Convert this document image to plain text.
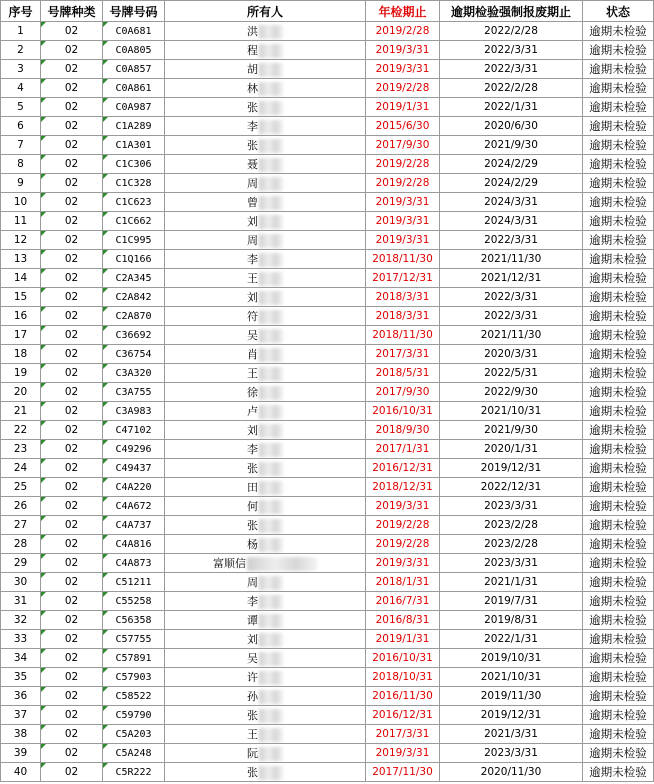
序号	号牌种类	号牌号码	所有人	年检期止	逾期检验强制报废期止	状态
1	02	C0A681	洪	2019/2/28	2022/2/28	逾期未检验
2	02	C0A805	程	2019/3/31	2022/3/31	逾期未检验
3	02	C0A857	胡	2019/3/31	2022/3/31	逾期未检验
4	02	C0A861	林	2019/2/28	2022/2/28	逾期未检验
5	02	C0A987	张	2019/1/31	2022/1/31	逾期未检验
6	02	C1A289	李	2015/6/30	2020/6/30	逾期未检验
7	02	C1A301	张	2017/9/30	2021/9/30	逾期未检验
8	02	C1C306	聂	2019/2/28	2024/2/29	逾期未检验
9	02	C1C328	周	2019/2/28	2024/2/29	逾期未检验
10	02	C1C623	曾	2019/3/31	2024/3/31	逾期未检验
11	02	C1C662	刘	2019/3/31	2024/3/31	逾期未检验
12	02	C1C995	周	2019/3/31	2022/3/31	逾期未检验
13	02	C1Q166	李	2018/11/30	2021/11/30	逾期未检验
14	02	C2A345	王	2017/12/31	2021/12/31	逾期未检验
15	02	C2A842	刘	2018/3/31	2022/3/31	逾期未检验
16	02	C2A870	符	2018/3/31	2022/3/31	逾期未检验
17	02	C36692	吴	2018/11/30	2021/11/30	逾期未检验
18	02	C36754	肖	2017/3/31	2020/3/31	逾期未检验
19	02	C3A320	王	2018/5/31	2022/5/31	逾期未检验
20	02	C3A755	徐	2017/9/30	2022/9/30	逾期未检验
21	02	C3A983	卢	2016/10/31	2021/10/31	逾期未检验
22	02	C47102	刘	2018/9/30	2021/9/30	逾期未检验
23	02	C49296	李	2017/1/31	2020/1/31	逾期未检验
24	02	C49437	张	2016/12/31	2019/12/31	逾期未检验
25	02	C4A220	田	2018/12/31	2022/12/31	逾期未检验
26	02	C4A672	何	2019/3/31	2023/3/31	逾期未检验
27	02	C4A737	张	2019/2/28	2023/2/28	逾期未检验
28	02	C4A816	杨	2019/2/28	2023/2/28	逾期未检验
29	02	C4A873	富顺信	2019/3/31	2023/3/31	逾期未检验
30	02	C51211	周	2018/1/31	2021/1/31	逾期未检验
31	02	C55258	李	2016/7/31	2019/7/31	逾期未检验
32	02	C56358	谭	2016/8/31	2019/8/31	逾期未检验
33	02	C57755	刘	2019/1/31	2022/1/31	逾期未检验
34	02	C57891	吴	2016/10/31	2019/10/31	逾期未检验
35	02	C57903	许	2018/10/31	2021/10/31	逾期未检验
36	02	C58522	孙	2016/11/30	2019/11/30	逾期未检验
37	02	C59790	张	2016/12/31	2019/12/31	逾期未检验
38	02	C5A203	王	2017/3/31	2021/3/31	逾期未检验
39	02	C5A248	阮	2019/3/31	2023/3/31	逾期未检验
40	02	C5R222	张	2017/11/30	2020/11/30	逾期未检验
